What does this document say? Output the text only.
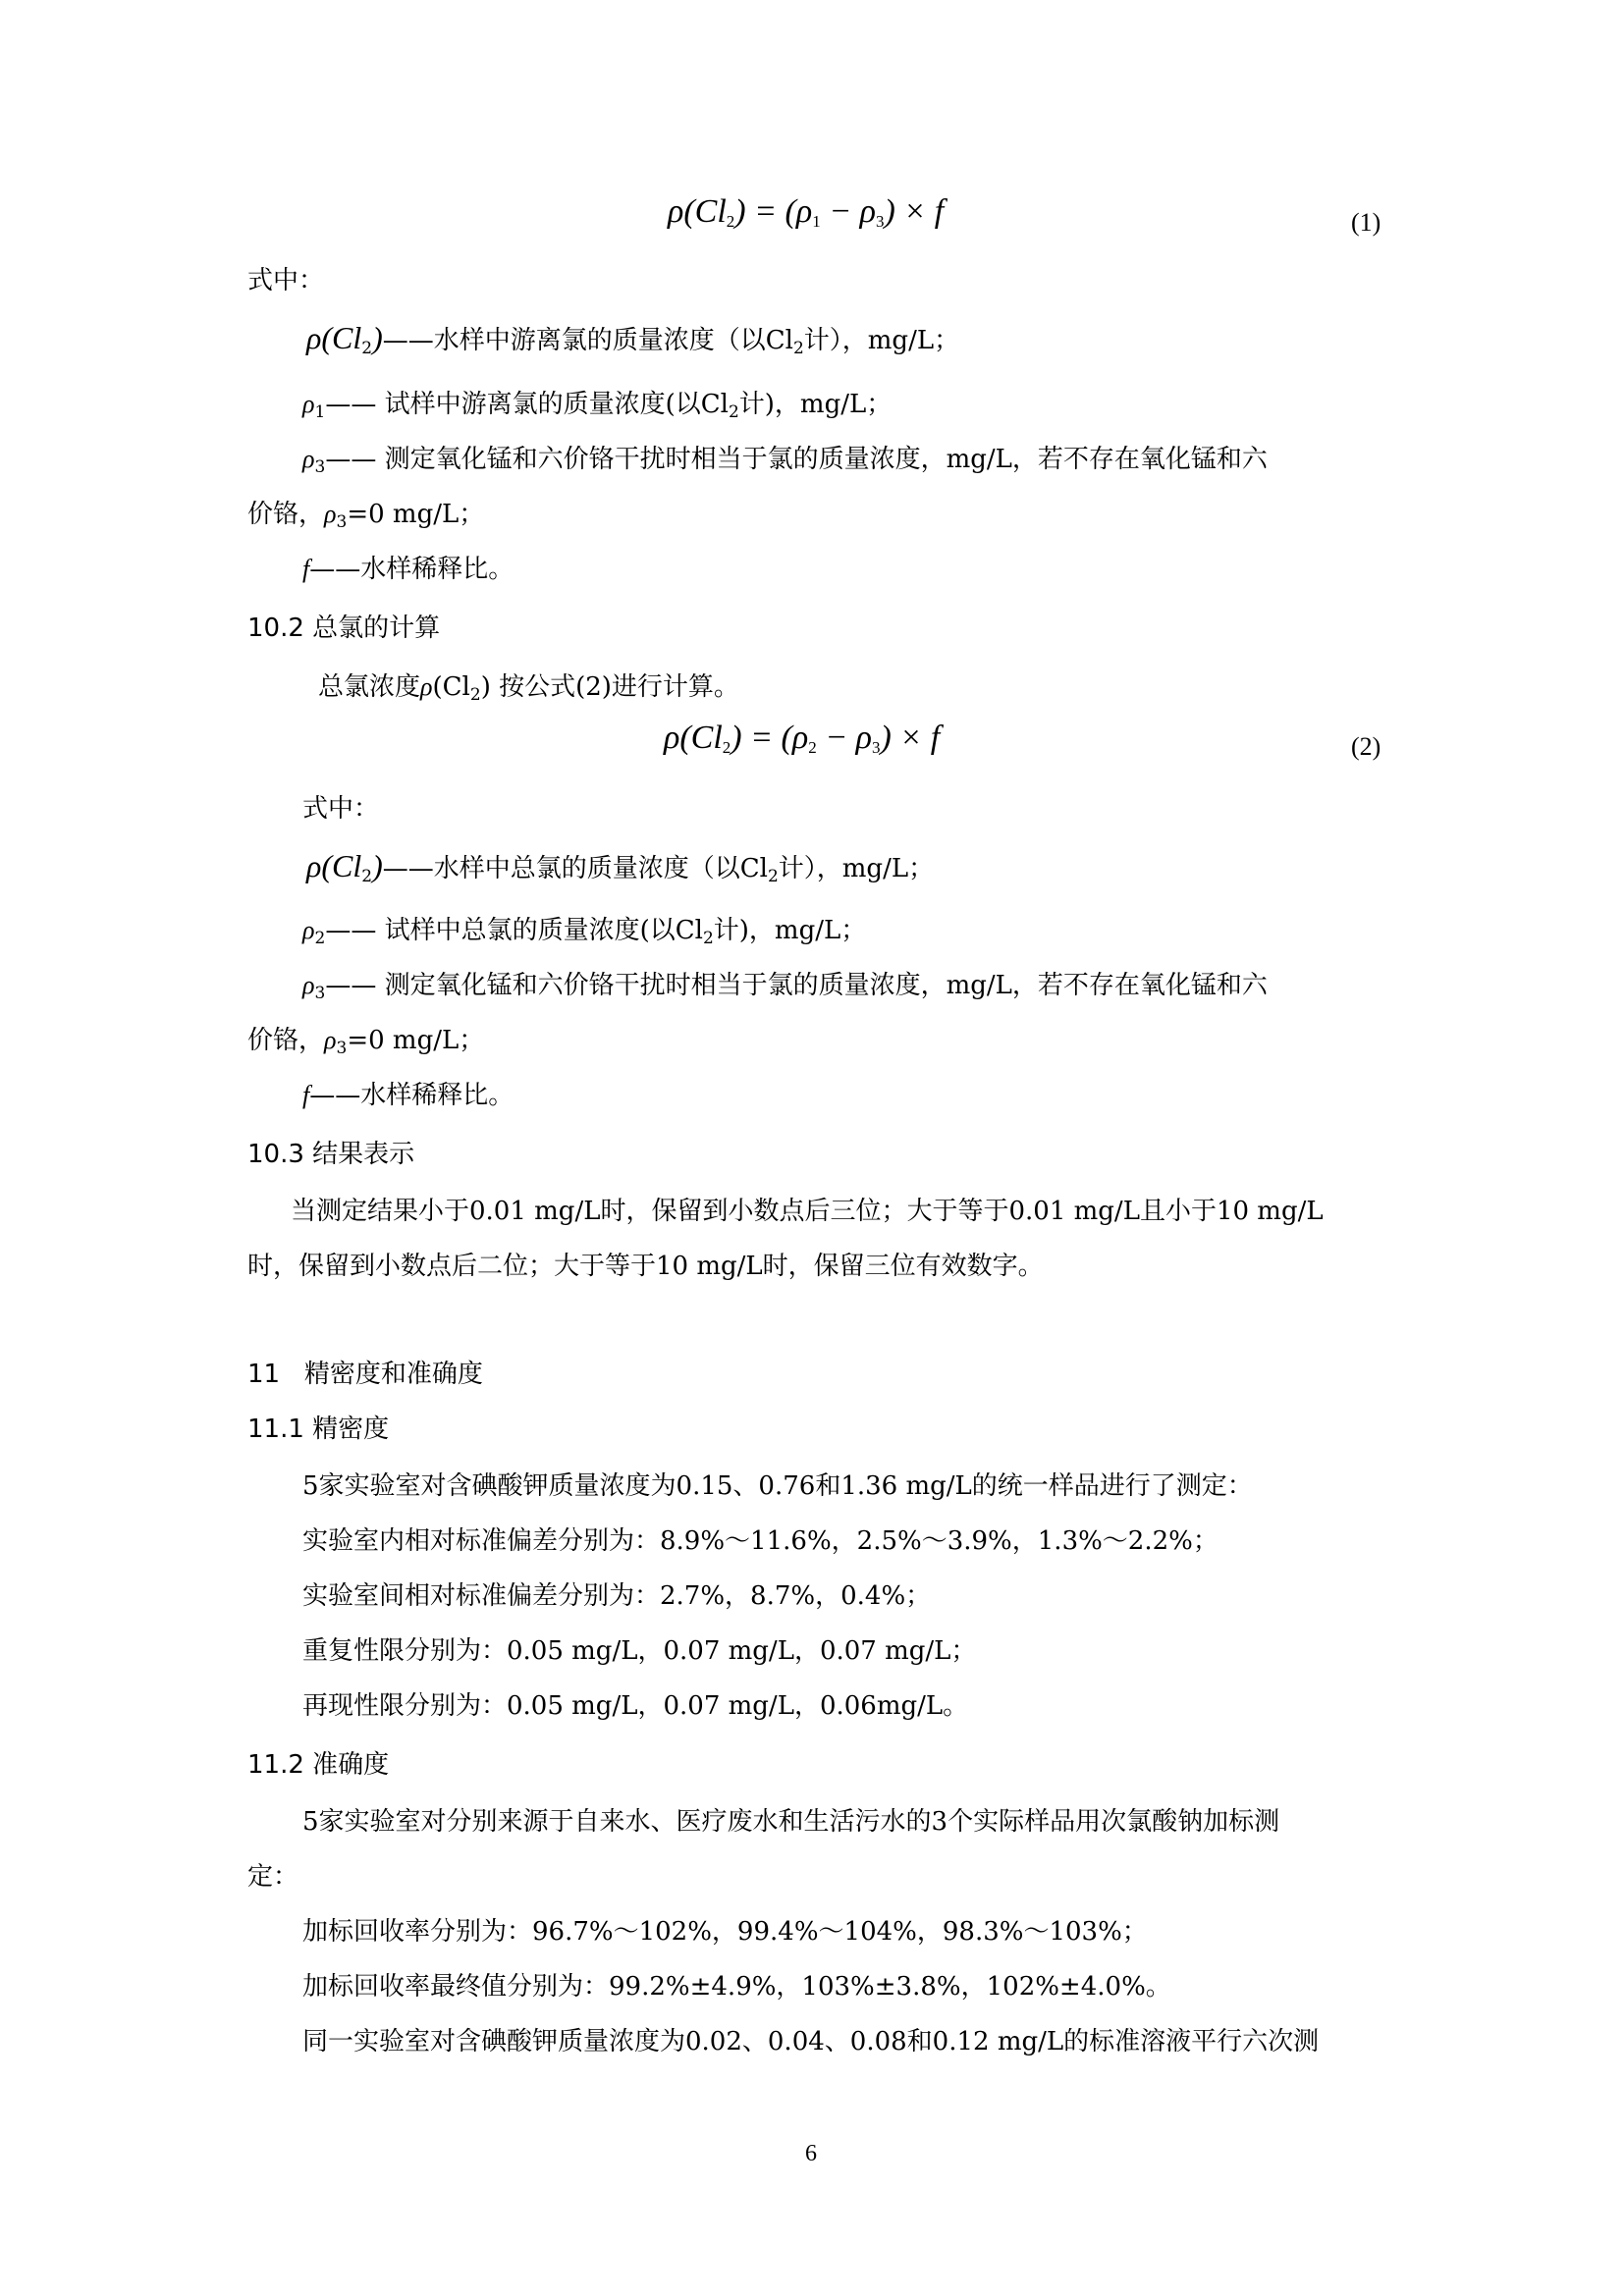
$\rho(Cl_2) = (\rho_1 - \rho_3) \times f$	(1)
式中：
$\rho(Cl_2)——$水样中游离氯的质量浓度（以$Cl_2$计），mg/L；
$\rho_1——$ 试样中游离氯的质量浓度(以$Cl_2$计)，mg/L；
$\rho_3——$ 测定氧化锰和六价铬干扰时相当于氯的质量浓度，mg/L，若不存在氧化锰和六
价铬，$\rho_3=0$ mg/L；
f——水样稀释比。
10.2 总氯的计算
总氯浓度$\rho(Cl_2)$ 按公式(2)进行计算。
$\rho(Cl_2) = (\rho_2 - \rho_3) \times f$	(2)
式中：
$\rho(Cl_2)——$水样中总氯的质量浓度（以$Cl_2$计），mg/L；
$\rho_2——$ 试样中总氯的质量浓度(以$Cl_2$计)，mg/L；
$\rho_3——$ 测定氧化锰和六价铬干扰时相当于氯的质量浓度，mg/L，若不存在氧化锰和六
价铬，$\rho_3=0$ mg/L；
f——水样稀释比。
10.3 结果表示
当测定结果小于0.01 mg/L时，保留到小数点后三位；大于等于0.01 mg/L且小于10 mg/L
时，保留到小数点后二位；大于等于10 mg/L时，保留三位有效数字。
11 精密度和准确度
11.1 精密度
5家实验室对含碘酸钾质量浓度为0.15、0.76和1.36 mg/L的统一样品进行了测定：
实验室内相对标准偏差分别为：8.9%～11.6%，2.5%～3.9%，1.3%～2.2%；
实验室间相对标准偏差分别为：2.7%，8.7%，0.4%；
重复性限分别为：0.05 mg/L，0.07 mg/L，0.07 mg/L；
再现性限分别为：0.05 mg/L，0.07 mg/L，0.06mg/L。
11.2 准确度
5家实验室对分别来源于自来水、医疗废水和生活污水的3个实际样品用次氯酸钠加标测
定：
加标回收率分别为：96.7%～102%，99.4%～104%，98.3%～103%；
加标回收率最终值分别为：99.2%±4.9%，103%±3.8%，102%±4.0%。
同一实验室对含碘酸钾质量浓度为0.02、0.04、0.08和0.12 mg/L的标准溶液平行六次测
6
